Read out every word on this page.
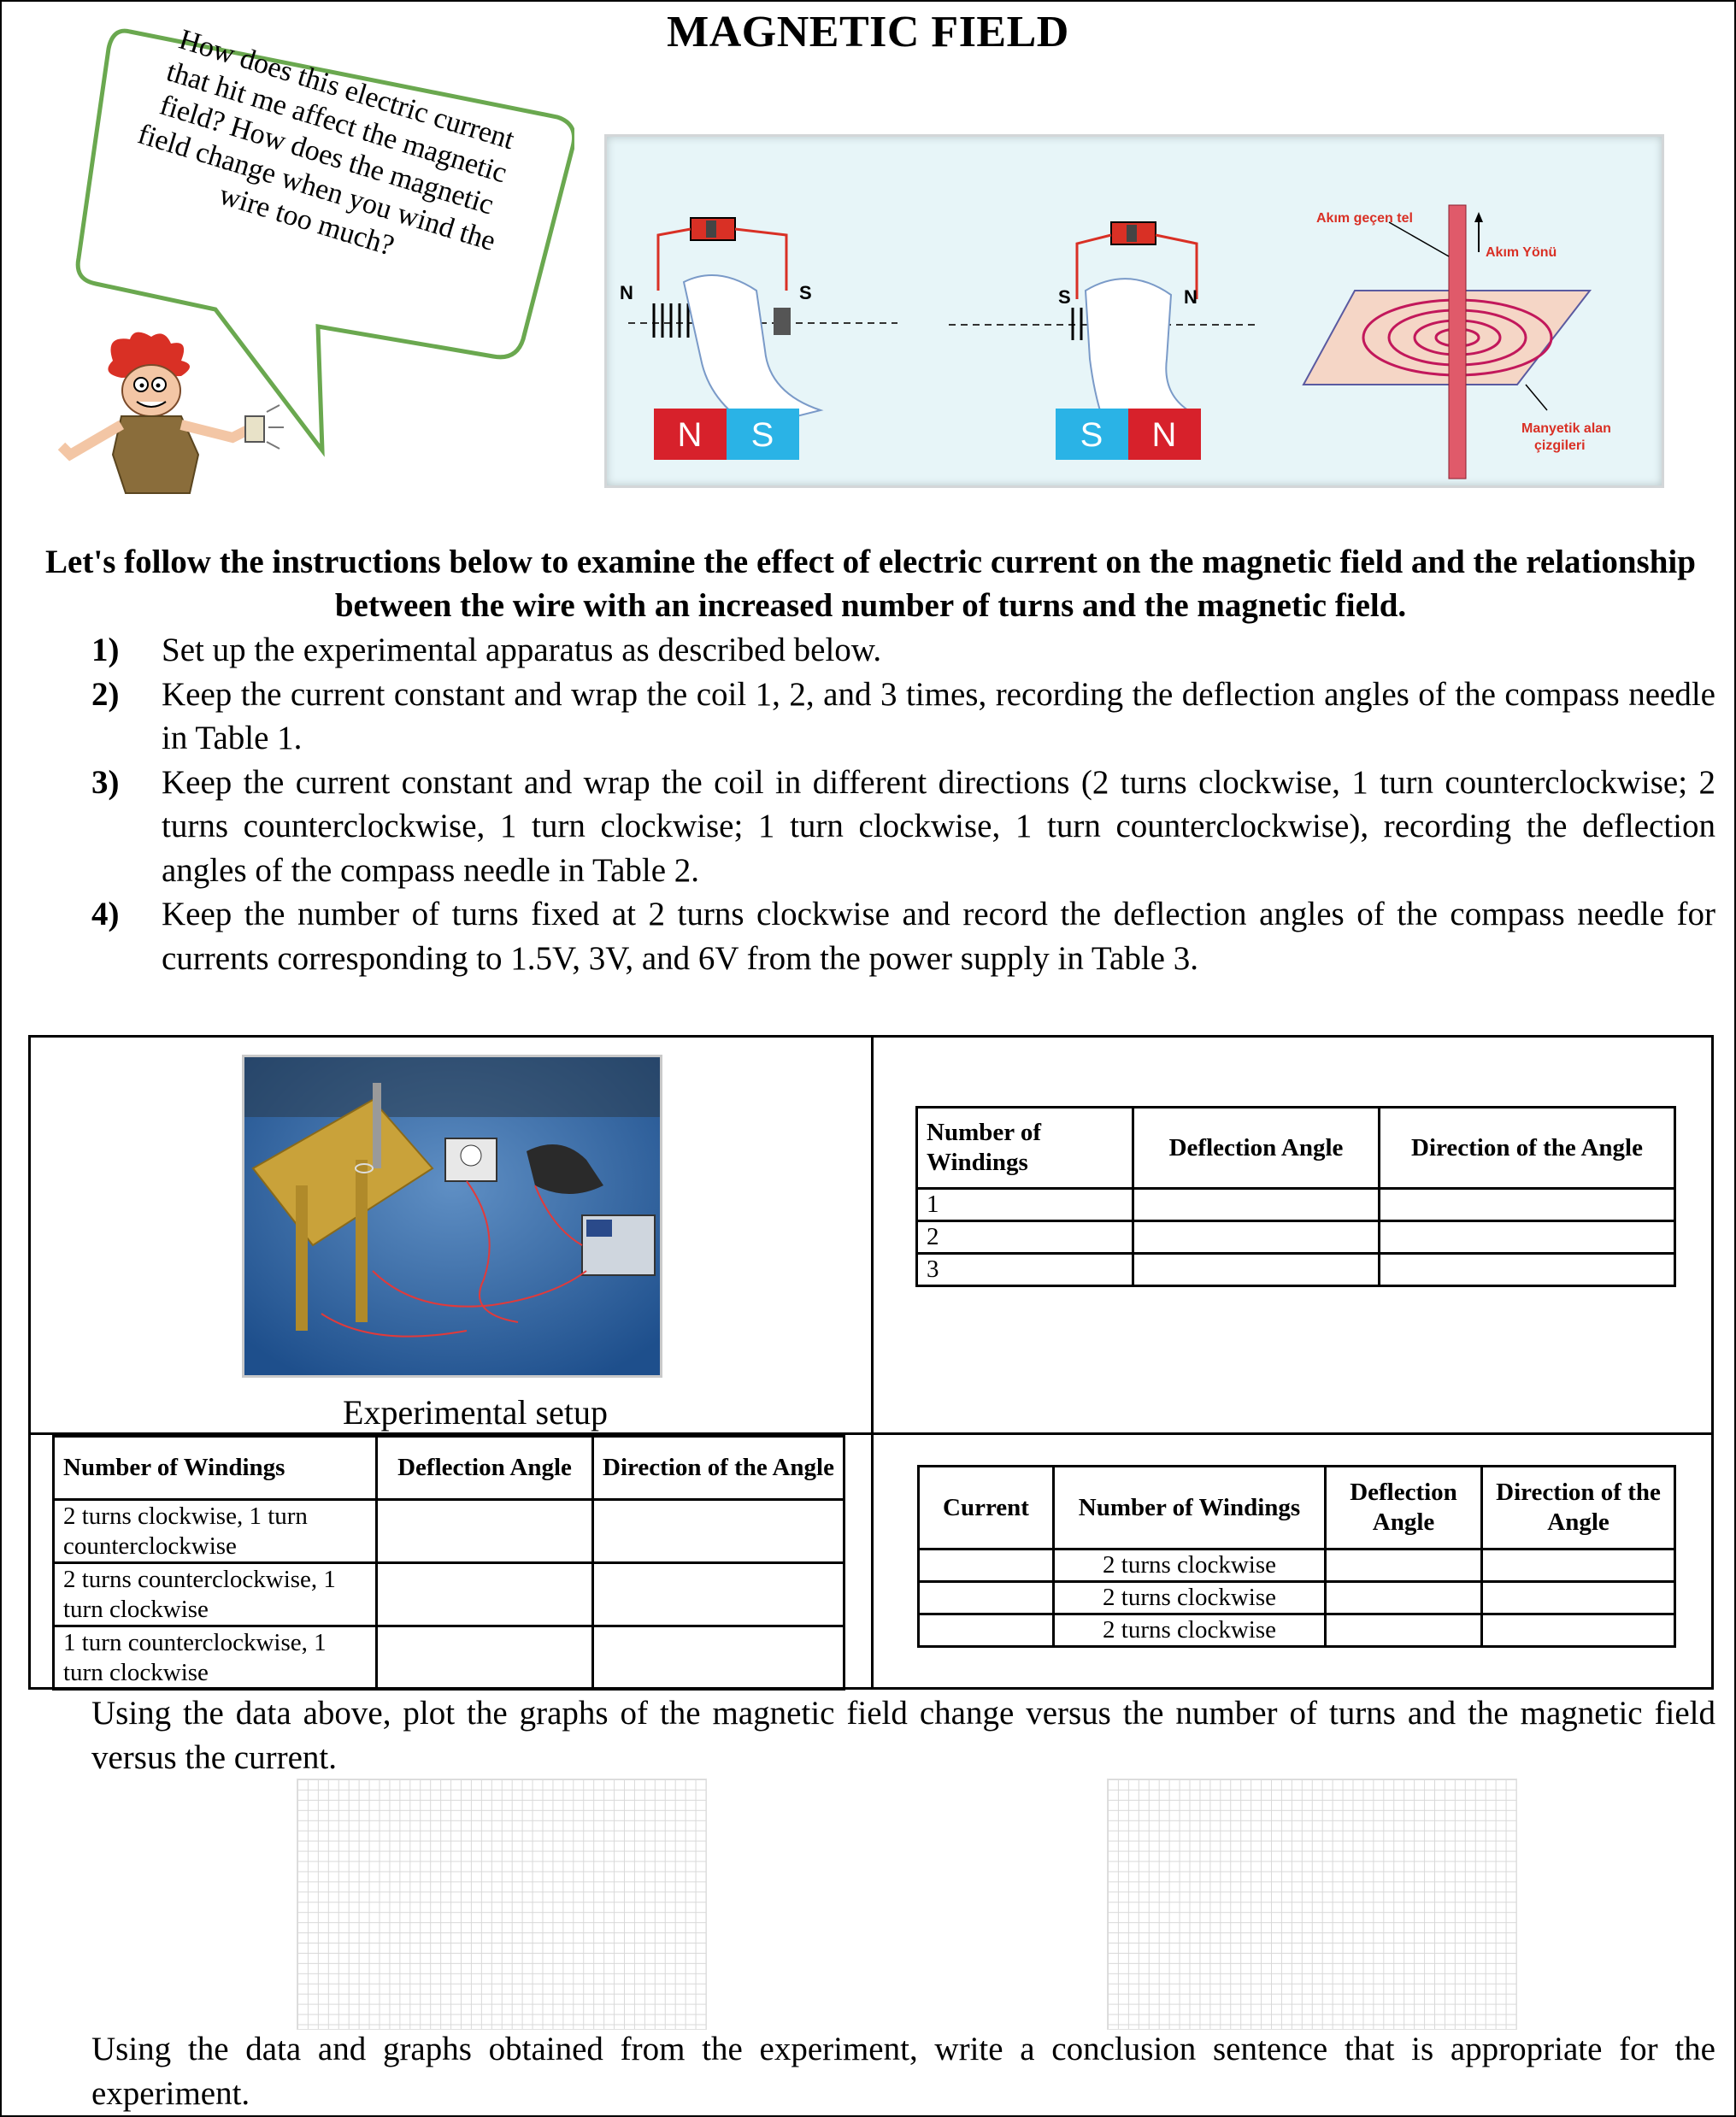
MAGNETIC FIELD
How does this electric current that hit me affect the magnetic field? How does the magnetic field change when you wind the wire too much?
N	S
N S
S	N
S N
Akım geçen tel
Akım Yönü
Manyetik alan
çizgileri
Let's follow the instructions below to examine the effect of electric current on the magnetic field and the relationship between the wire with an increased number of turns and the magnetic field.
1) Set up the experimental apparatus as described below.
2) Keep the current constant and wrap the coil 1, 2, and 3 times, recording the deflection angles of the compass needle in Table 1.
3) Keep the current constant and wrap the coil in different directions (2 turns clockwise, 1 turn counterclockwise; 2 turns counterclockwise, 1 turn clockwise; 1 turn clockwise, 1 turn counterclockwise), recording the deflection angles of the compass needle in Table 2.
4) Keep the number of turns fixed at 2 turns clockwise and record the deflection angles of the compass needle for currents corresponding to 1.5V, 3V, and 6V from the power supply in Table 3.
Experimental setup
Number of Windings	Deflection Angle	Direction of the Angle
1		
2		
3		
Number of Windings	Deflection Angle	Direction of the Angle
2 turns clockwise, 1 turn counterclockwise		
2 turns counterclockwise, 1 turn clockwise		
1 turn counterclockwise, 1 turn clockwise		
Current	Number of Windings	Deflection Angle	Direction of the Angle
	2 turns clockwise		
	2 turns clockwise		
	2 turns clockwise		
Using the data above, plot the graphs of the magnetic field change versus the number of turns and the magnetic field versus the current.
Using the data and graphs obtained from the experiment, write a conclusion sentence that is appropriate for the experiment.
